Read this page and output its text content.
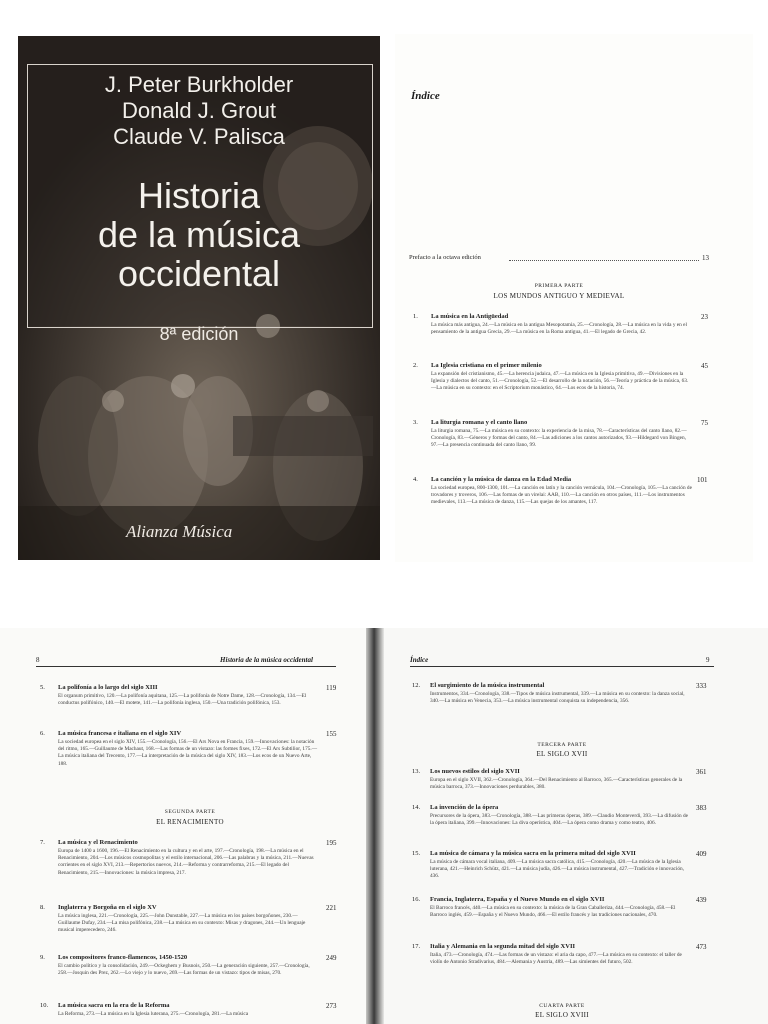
J. Peter Burkholder
Donald J. Grout
Claude V. Palisca
Historia
de la música
occidental
8ª edición
Alianza Música
Índice
Prefacio a la octava edición	13
PRIMERA PARTE
LOS MUNDOS ANTIGUO Y MEDIEVAL
1. La música en la Antigüedad	23
La música más antigua, 24.—La música en la antigua Mesopotamia, 25.—Cronología, 28.—La música en la vida y en el pensamiento de la antigua Grecia, 29.—La música en la Roma antigua, 41.—El legado de Grecia, 42.
2. La Iglesia cristiana en el primer milenio	45
La expansión del cristianismo, 45.—La herencia judaica, 47.—La música en la Iglesia primitiva, 49.—Divisiones en la Iglesia y dialectos del canto, 51.—Cronología, 52.—El desarrollo de la notación, 56.—Teoría y práctica de la música, 63.—La música en su contexto: en el Scriptorium monástico, 64.—Los ecos de la historia, 74.
3. La liturgia romana y el canto llano	75
La liturgia romana, 75.—La música en su contexto: la experiencia de la misa, 78.—Características del canto llano, 82.—Cronología, 83.—Géneros y formas del canto, 84.—Las adiciones a los cantos autorizados, 93.—Hildegard von Bingen, 97.—La presencia continuada del canto llano, 99.
4. La canción y la música de danza en la Edad Media	101
La sociedad europea, 800-1300, 101.—La canción en latín y la canción vernácula, 104.—Cronología, 105.—La canción de trovadores y troveros, 106.—Las formas de un virelai: AAB, 110.—La canción en otros países, 111.—Los instrumentos medievales, 113.—La música de danza, 115.—Las quejas de los amantes, 117.
8	Historia de la música occidental
5. La polifonía a lo largo del siglo XIII	119
El organum primitivo, 120.—La polifonía aquitana, 125.—La polifonía de Notre Dame, 128.—Cronología, 134.—El conductus polifónico, 140.—El motete, 141.—La polifonía inglesa, 150.—Una tradición polifónica, 153.
6. La música francesa e italiana en el siglo XIV	155
La sociedad europea en el siglo XIV, 155.—Cronología, 156.—El Ars Nova en Francia, 159.—Innovaciones: la notación del ritmo, 165.—Guillaume de Machaut, 168.—Las formas de un vistazo: las formes fixes, 172.—El Ars Subtilior, 175.—La música italiana del Trecento, 177.—La interpretación de la música del siglo XIV, 183.—Los ecos de un Nuevo Arte, 188.
SEGUNDA PARTE
EL RENACIMIENTO
7. La música y el Renacimiento	195
Europa de 1400 a 1600, 196.—El Renacimiento en la cultura y en el arte, 197.—Cronología, 198.—La música en el Renacimiento, 204.—Los músicos cosmopolitas y el estilo internacional, 206.—Las palabras y la música, 211.—Nuevas corrientes en el siglo XVI, 213.—Repertorios nuevos, 214.—Reforma y contrarreforma, 215.—El legado del Renacimiento, 215.—Innovaciones: la música impresa, 217.
8. Inglaterra y Borgoña en el siglo XV	221
La música inglesa, 221.—Cronología, 225.—John Dunstable, 227.—La música en los países borgoñones, 230.—Guillaume Dufay, 234.—La misa polifónica, 238.—La música en su contexto: Misas y dragones, 244.—Un lenguaje musical imperecedero, 246.
9. Los compositores franco-flamencos, 1450-1520	249
El cambio político y la consolidación, 249.—Ockeghem y Busnois, 250.—La generación siguiente, 257.—Cronología, 258.—Josquin des Prez, 262.—Lo viejo y lo nuevo, 269.—Las formas de un vistazo: tipos de misas, 270.
10. La música sacra en la era de la Reforma	273
La Reforma, 273.—La música en la Iglesia luterana, 275.—Cronología, 281.—La música
Índice	9
12. El surgimiento de la música instrumental	333
Instrumentos, 334.—Cronología, 338.—Tipos de música instrumental, 339.—La música en su contexto: la danza social, 340.—La música en Venecia, 353.—La música instrumental conquista su independencia, 356.
TERCERA PARTE
EL SIGLO XVII
13. Los nuevos estilos del siglo XVII	361
Europa en el siglo XVII, 362.—Cronología, 364.—Del Renacimiento al Barroco, 365.—Características generales de la música barroca, 373.—Innovaciones perdurables, 380.
14. La invención de la ópera	383
Precursores de la ópera, 383.—Cronología, 388.—Las primeras óperas, 389.—Claudio Monteverdi, 393.—La difusión de la ópera italiana, 399.—Innovaciones: La diva operística, 404.—La ópera como drama y como teatro, 406.
15. La música de cámara y la música sacra en la primera mitad del siglo XVII	409
La música de cámara vocal italiana, 409.—La música sacra católica, 415.—Cronología, 420.—La música de la Iglesia luterana, 421.—Heinrich Schütz, 421.—La música judía, 426.—La música instrumental, 427.—Tradición e innovación, 436.
16. Francia, Inglaterra, España y el Nuevo Mundo en el siglo XVII	439
El Barroco francés, 440.—La música en su contexto: la música de la Gran Caballeriza, 444.—Cronología, 458.—El Barroco inglés, 459.—España y el Nuevo Mundo, 466.—El estilo francés y las tradiciones nacionales, 470.
17. Italia y Alemania en la segunda mitad del siglo XVII	473
Italia, 473.—Cronología, 474.—Las formas de un vistazo: el aria da capo, 477.—La música en su contexto: el taller de violín de Antonio Stradivarius, 484.—Alemania y Austria, 489.—Las simientes del futuro, 502.
CUARTA PARTE
EL SIGLO XVIII
